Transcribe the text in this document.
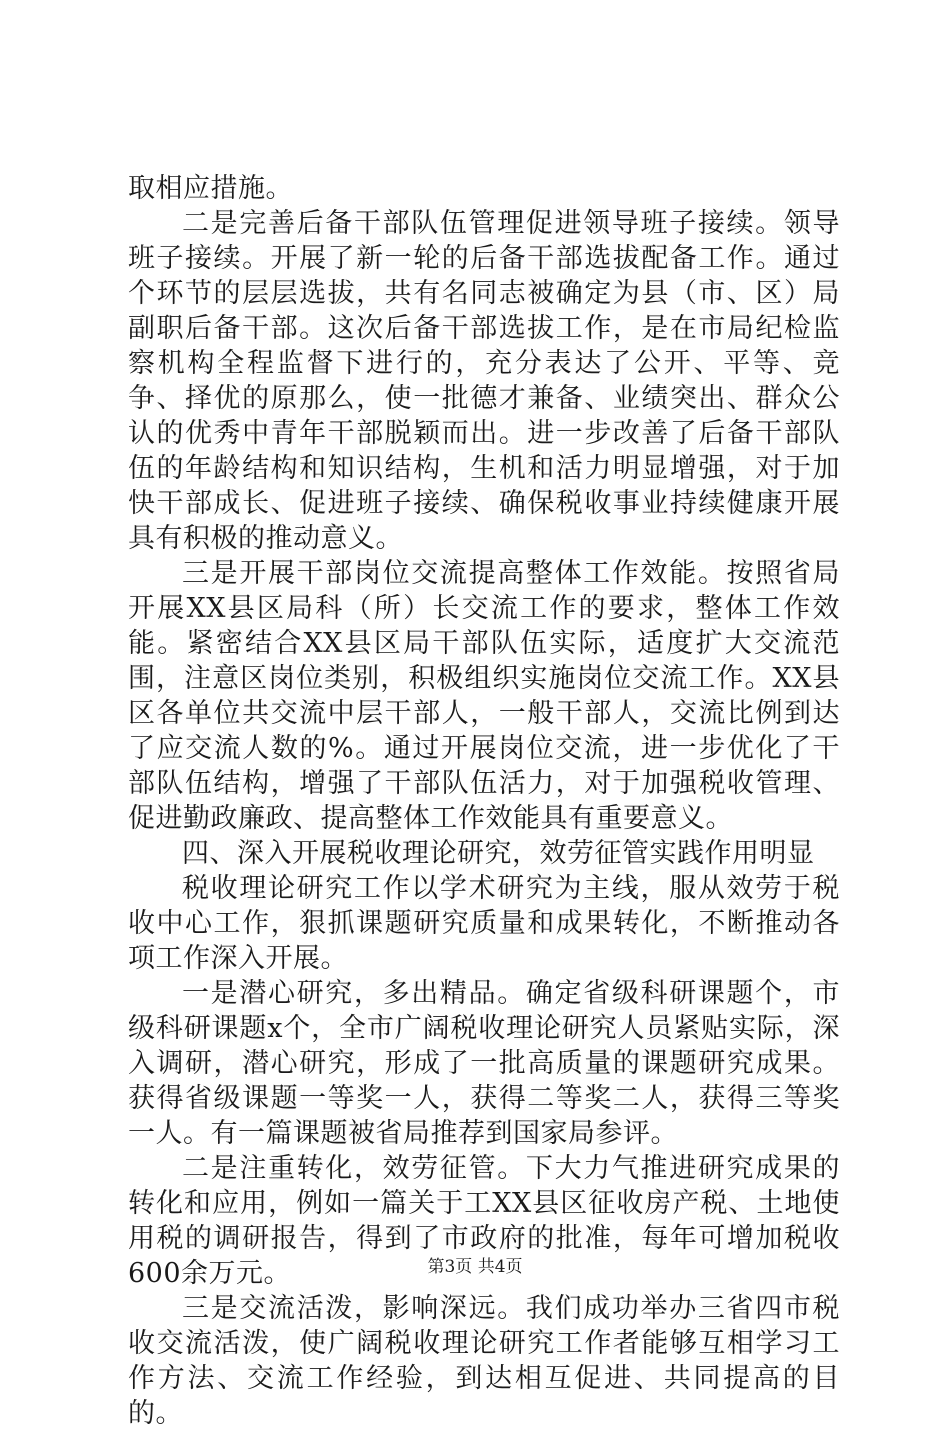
取相应措施。

二是完善后备干部队伍管理促进领导班子接续。领导班子接续。开展了新一轮的后备干部选拔配备工作。通过个环节的层层选拔，共有名同志被确定为县（市、区）局副职后备干部。这次后备干部选拔工作，是在市局纪检监察机构全程监督下进行的，充分表达了公开、平等、竞争、择优的原那么，使一批德才兼备、业绩突出、群众公认的优秀中青年干部脱颖而出。进一步改善了后备干部队伍的年龄结构和知识结构，生机和活力明显增强，对于加快干部成长、促进班子接续、确保税收事业持续健康开展具有积极的推动意义。

三是开展干部岗位交流提高整体工作效能。按照省局开展XX县区局科（所）长交流工作的要求，整体工作效能。紧密结合XX县区局干部队伍实际，适度扩大交流范围，注意区岗位类别，积极组织实施岗位交流工作。XX县区各单位共交流中层干部人，一般干部人，交流比例到达了应交流人数的%。通过开展岗位交流，进一步优化了干部队伍结构，增强了干部队伍活力，对于加强税收管理、促进勤政廉政、提高整体工作效能具有重要意义。

四、深入开展税收理论研究，效劳征管实践作用明显

税收理论研究工作以学术研究为主线，服从效劳于税收中心工作，狠抓课题研究质量和成果转化，不断推动各项工作深入开展。

一是潜心研究，多出精品。确定省级科研课题个，市级科研课题x个，全市广阔税收理论研究人员紧贴实际，深入调研，潜心研究，形成了一批高质量的课题研究成果。获得省级课题一等奖一人，获得二等奖二人，获得三等奖一人。有一篇课题被省局推荐到国家局参评。

二是注重转化，效劳征管。下大力气推进研究成果的转化和应用，例如一篇关于工XX县区征收房产税、土地使用税的调研报告，得到了市政府的批准，每年可增加税收600余万元。

三是交流活泼，影响深远。我们成功举办三省四市税收交流活泼，使广阔税收理论研究工作者能够互相学习工作方法、交流工作经验，到达相互促进、共同提高的目的。

第3页 共4页
